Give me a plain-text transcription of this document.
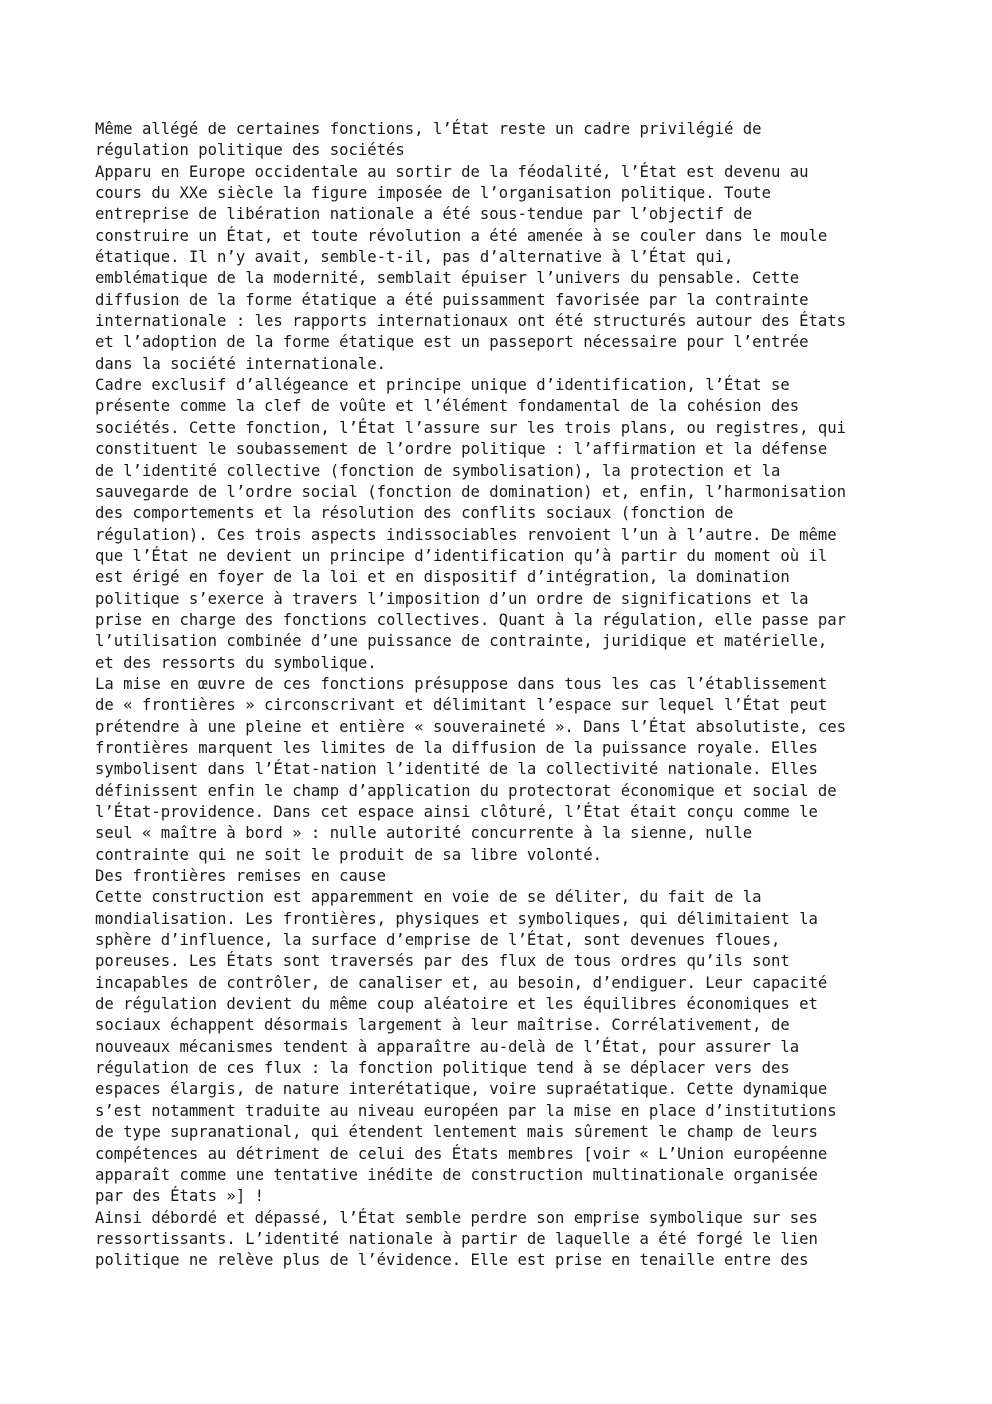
Même allégé de certaines fonctions, l’État reste un cadre privilégié de
régulation politique des sociétés
Apparu en Europe occidentale au sortir de la féodalité, l’État est devenu au
cours du XXe siècle la figure imposée de l’organisation politique. Toute
entreprise de libération nationale a été sous-tendue par l’objectif de
construire un État, et toute révolution a été amenée à se couler dans le moule
étatique. Il n’y avait, semble-t-il, pas d’alternative à l’État qui,
emblématique de la modernité, semblait épuiser l’univers du pensable. Cette
diffusion de la forme étatique a été puissamment favorisée par la contrainte
internationale : les rapports internationaux ont été structurés autour des États
et l’adoption de la forme étatique est un passeport nécessaire pour l’entrée
dans la société internationale.
Cadre exclusif d’allégeance et principe unique d’identification, l’État se
présente comme la clef de voûte et l’élément fondamental de la cohésion des
sociétés. Cette fonction, l’État l’assure sur les trois plans, ou registres, qui
constituent le soubassement de l’ordre politique : l’affirmation et la défense
de l’identité collective (fonction de symbolisation), la protection et la
sauvegarde de l’ordre social (fonction de domination) et, enfin, l’harmonisation
des comportements et la résolution des conflits sociaux (fonction de
régulation). Ces trois aspects indissociables renvoient l’un à l’autre. De même
que l’État ne devient un principe d’identification qu’à partir du moment où il
est érigé en foyer de la loi et en dispositif d’intégration, la domination
politique s’exerce à travers l’imposition d’un ordre de significations et la
prise en charge des fonctions collectives. Quant à la régulation, elle passe par
l’utilisation combinée d’une puissance de contrainte, juridique et matérielle,
et des ressorts du symbolique.
La mise en œuvre de ces fonctions présuppose dans tous les cas l’établissement
de « frontières » circonscrivant et délimitant l’espace sur lequel l’État peut
prétendre à une pleine et entière « souveraineté ». Dans l’État absolutiste, ces
frontières marquent les limites de la diffusion de la puissance royale. Elles
symbolisent dans l’État-nation l’identité de la collectivité nationale. Elles
définissent enfin le champ d’application du protectorat économique et social de
l’État-providence. Dans cet espace ainsi clôturé, l’État était conçu comme le
seul « maître à bord » : nulle autorité concurrente à la sienne, nulle
contrainte qui ne soit le produit de sa libre volonté.
Des frontières remises en cause
Cette construction est apparemment en voie de se déliter, du fait de la
mondialisation. Les frontières, physiques et symboliques, qui délimitaient la
sphère d’influence, la surface d’emprise de l’État, sont devenues floues,
poreuses. Les États sont traversés par des flux de tous ordres qu’ils sont
incapables de contrôler, de canaliser et, au besoin, d’endiguer. Leur capacité
de régulation devient du même coup aléatoire et les équilibres économiques et
sociaux échappent désormais largement à leur maîtrise. Corrélativement, de
nouveaux mécanismes tendent à apparaître au-delà de l’État, pour assurer la
régulation de ces flux : la fonction politique tend à se déplacer vers des
espaces élargis, de nature interétatique, voire supraétatique. Cette dynamique
s’est notamment traduite au niveau européen par la mise en place d’institutions
de type supranational, qui étendent lentement mais sûrement le champ de leurs
compétences au détriment de celui des États membres [voir « L’Union européenne
apparaît comme une tentative inédite de construction multinationale organisée
par des États »] !
Ainsi débordé et dépassé, l’État semble perdre son emprise symbolique sur ses
ressortissants. L’identité nationale à partir de laquelle a été forgé le lien
politique ne relève plus de l’évidence. Elle est prise en tenaille entre des
